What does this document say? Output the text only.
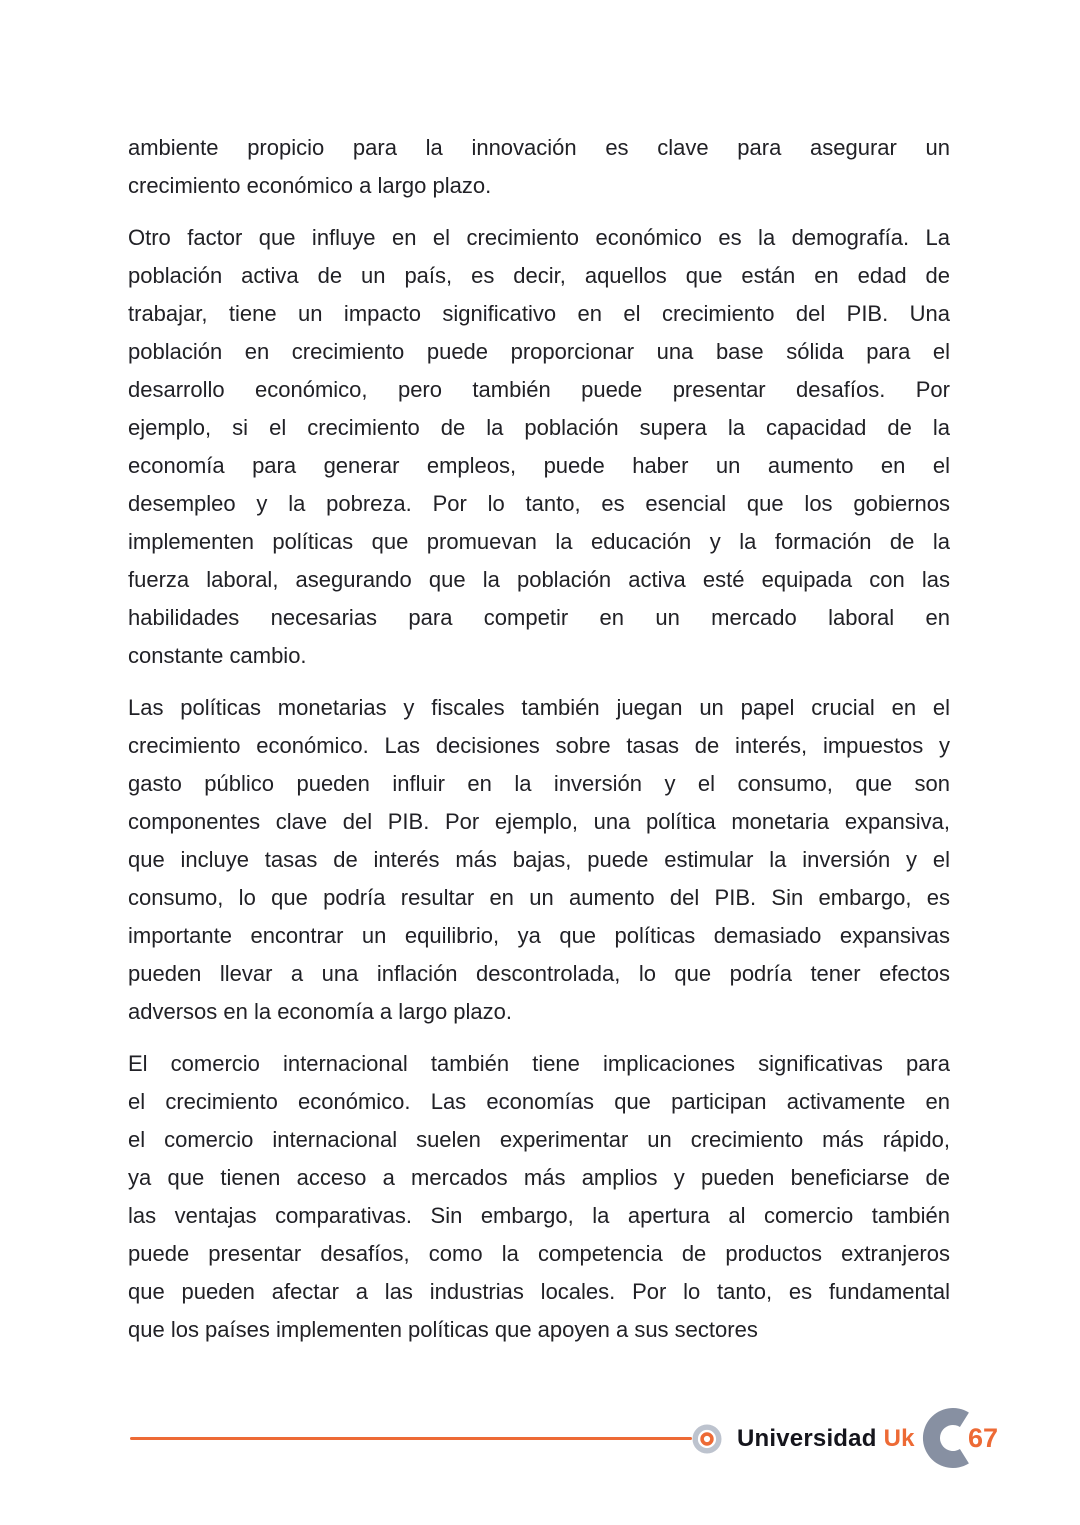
ambiente propicio para la innovación es clave para asegurar un
crecimiento económico a largo plazo.
Otro factor que influye en el crecimiento económico es la demografía. La
población activa de un país, es decir, aquellos que están en edad de
trabajar, tiene un impacto significativo en el crecimiento del PIB. Una
población en crecimiento puede proporcionar una base sólida para el
desarrollo económico, pero también puede presentar desafíos. Por
ejemplo, si el crecimiento de la población supera la capacidad de la
economía para generar empleos, puede haber un aumento en el
desempleo y la pobreza. Por lo tanto, es esencial que los gobiernos
implementen políticas que promuevan la educación y la formación de la
fuerza laboral, asegurando que la población activa esté equipada con las
habilidades necesarias para competir en un mercado laboral en
constante cambio.
Las políticas monetarias y fiscales también juegan un papel crucial en el
crecimiento económico. Las decisiones sobre tasas de interés, impuestos y
gasto público pueden influir en la inversión y el consumo, que son
componentes clave del PIB. Por ejemplo, una política monetaria expansiva,
que incluye tasas de interés más bajas, puede estimular la inversión y el
consumo, lo que podría resultar en un aumento del PIB. Sin embargo, es
importante encontrar un equilibrio, ya que políticas demasiado expansivas
pueden llevar a una inflación descontrolada, lo que podría tener efectos
adversos en la economía a largo plazo.
El comercio internacional también tiene implicaciones significativas para
el crecimiento económico. Las economías que participan activamente en
el comercio internacional suelen experimentar un crecimiento más rápido,
ya que tienen acceso a mercados más amplios y pueden beneficiarse de
las ventajas comparativas. Sin embargo, la apertura al comercio también
puede presentar desafíos, como la competencia de productos extranjeros
que pueden afectar a las industrias locales. Por lo tanto, es fundamental
que los países implementen políticas que apoyen a sus sectores
Universidad Uk 67
